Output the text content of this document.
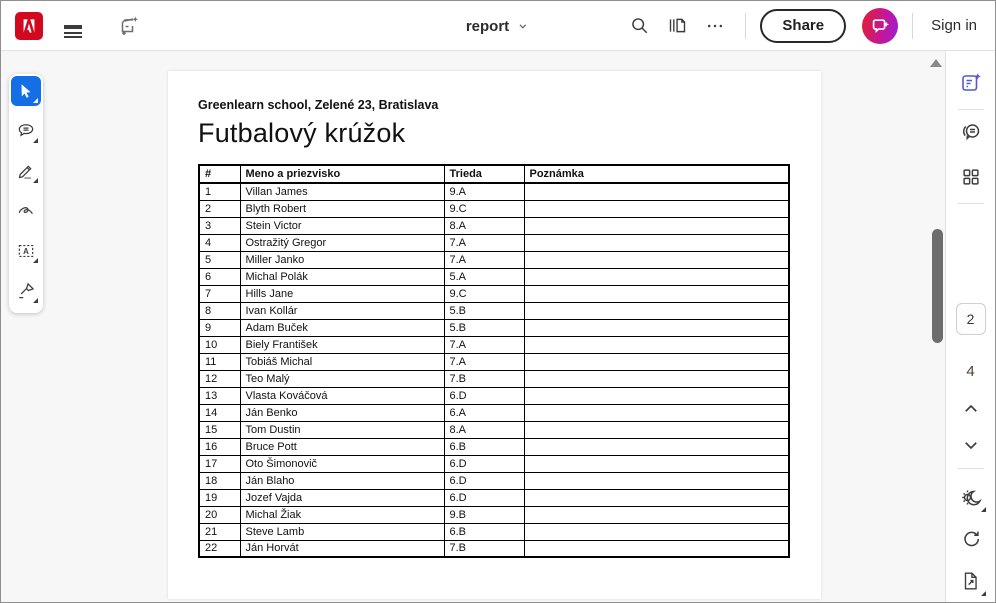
report	Share	Sign in
Greenlearn school, Zelené 23, Bratislava
Futbalový krúžok
#	Meno a priezvisko	Trieda	Poznámka
1	Villan James	9.A	
2	Blyth Robert	9.C	
3	Stein Victor	8.A	
4	Ostražitý Gregor	7.A	
5	Miller Janko	7.A	
6	Michal Polák	5.A	
7	Hills Jane	9.C	
8	Ivan Kollár	5.B	
9	Adam Buček	5.B	
10	Biely František	7.A	
11	Tobiáš Michal	7.A	
12	Teo Malý	7.B	
13	Vlasta Kováčová	6.D	
14	Ján Benko	6.A	
15	Tom Dustin	8.A	
16	Bruce Pott	6.B	
17	Oto Šimonovič	6.D	
18	Ján Blaho	6.D	
19	Jozef Vajda	6.D	
20	Michal Žiak	9.B	
21	Steve Lamb	6.B	
22	Ján Horvát	7.B	
A
2
4
